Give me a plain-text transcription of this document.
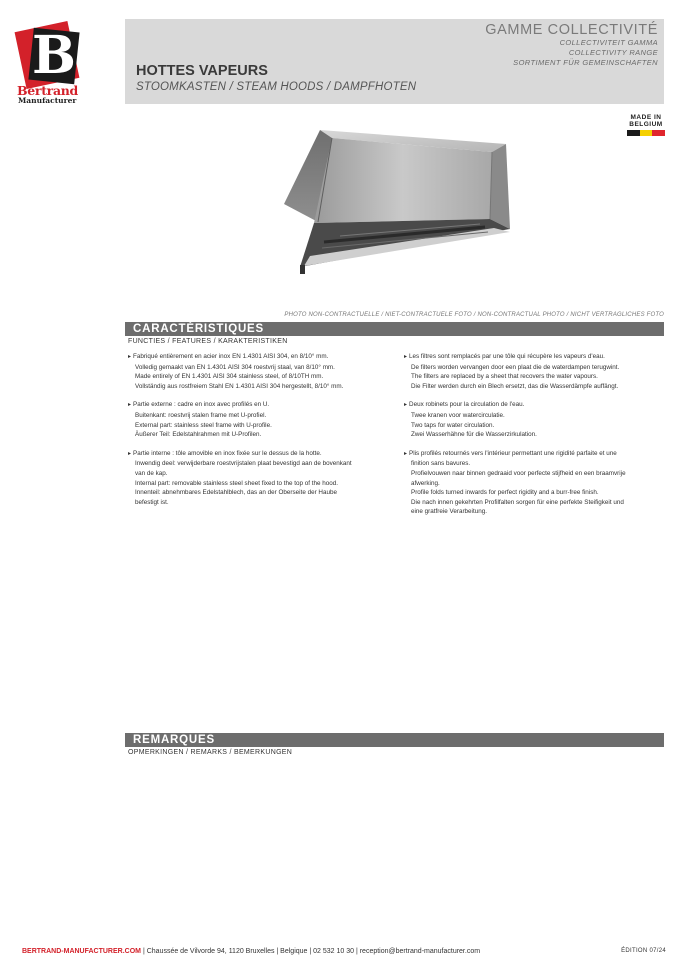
B
Bertrand
Manufacturer
GAMME COLLECTIVITÉ
COLLECTIVITEIT GAMMA
COLLECTIVITY RANGE
SORTIMENT FÜR GEMEINSCHAFTEN
HOTTES VAPEURS
STOOMKASTEN / STEAM HOODS / DAMPFHOTEN
MADE IN
BELGIUM
PHOTO NON-CONTRACTUELLE / NIET-CONTRACTUELE FOTO / NON-CONTRACTUAL PHOTO / NICHT VERTRAGLICHES FOTO
CARACTÉRISTIQUES
FUNCTIES / FEATURES / KARAKTERISTIKEN
▸ Fabriqué entièrement en acier inox EN 1.4301 AISI 304, en 8/10° mm.
Volledig gemaakt van EN 1.4301 AISI 304 roestvrij staal, van 8/10° mm.
Made entirely of EN 1.4301 AISI 304 stainless steel, of 8/10TH mm.
Vollständig aus rostfreiem Stahl EN 1.4301 AISI 304 hergestellt, 8/10° mm.
▸ Partie externe : cadre en inox avec profilés en U.
Buitenkant: roestvrij stalen frame met U-profiel.
External part: stainless steel frame with U-profile.
Äußerer Teil: Edelstahlrahmen mit U-Profilen.
▸ Partie interne : tôle amovible en inox fixée sur le dessus de la hotte.
Inwendig deel: verwijderbare roestvrijstalen plaat bevestigd aan de bovenkant
van de kap.
Internal part: removable stainless steel sheet fixed to the top of the hood.
Innenteil: abnehmbares Edelstahlblech, das an der Oberseite der Haube
befestigt ist.
▸ Les filtres sont remplacés par une tôle qui récupère les vapeurs d'eau.
De filters worden vervangen door een plaat die de waterdampen terugwint.
The filters are replaced by a sheet that recovers the water vapours.
Die Filter werden durch ein Blech ersetzt, das die Wasserdämpfe auffängt.
▸ Deux robinets pour la circulation de l'eau.
Twee kranen voor watercirculatie.
Two taps for water circulation.
Zwei Wasserhähne für die Wasserzirkulation.
▸ Plis profilés retournés vers l'intérieur permettant une rigidité parfaite et une
finition sans bavures.
Profielvouwen naar binnen gedraaid voor perfecte stijfheid en een braamvrije
afwerking.
Profile folds turned inwards for perfect rigidity and a burr-free finish.
Die nach innen gekehrten Profilfalten sorgen für eine perfekte Steifigkeit und
eine gratfreie Verarbeitung.
REMARQUES
OPMERKINGEN / REMARKS / BEMERKUNGEN
BERTRAND-MANUFACTURER.COM | Chaussée de Vilvorde 94, 1120 Bruxelles | Belgique | 02 532 10 30 | reception@bertrand-manufacturer.com	ÉDITION 07/24
